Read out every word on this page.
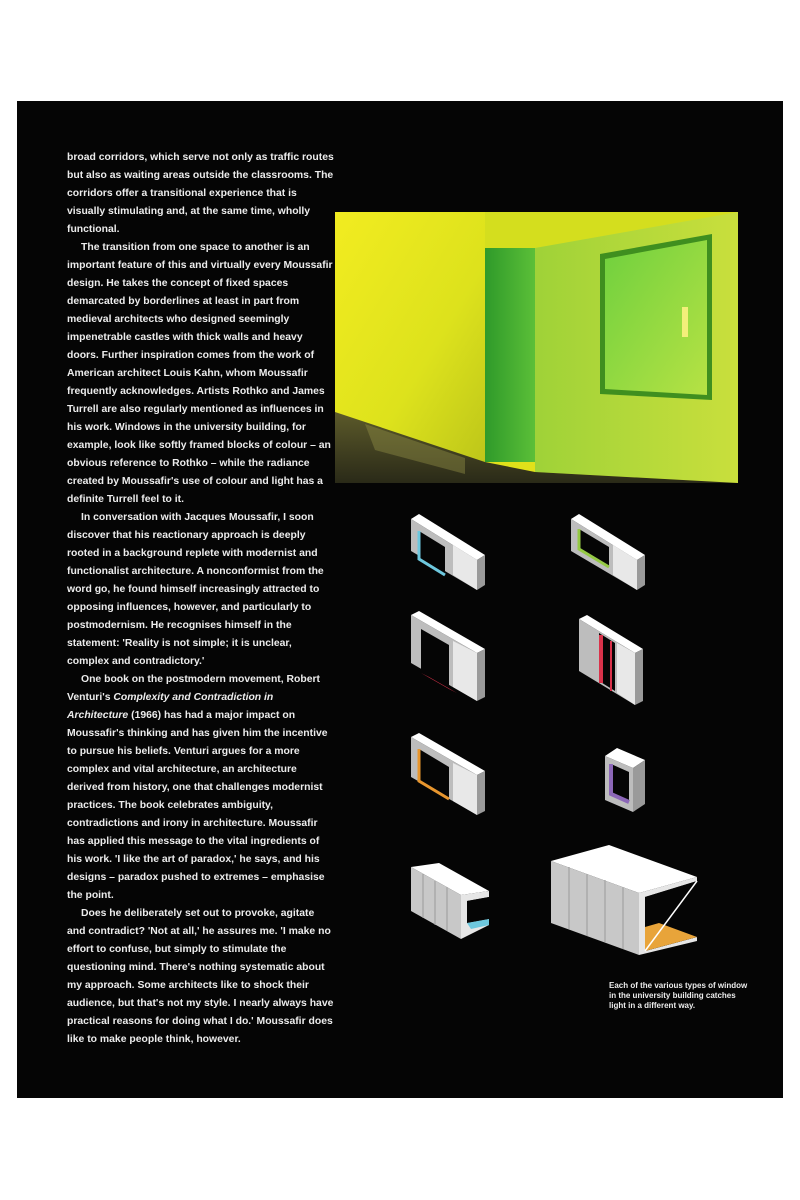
broad corridors, which serve not only as traffic routes but also as waiting areas outside the classrooms. The corridors offer a transitional experience that is visually stimulating and, at the same time, wholly functional.

The transition from one space to another is an important feature of this and virtually every Moussafir design. He takes the concept of fixed spaces demarcated by borderlines at least in part from medieval architects who designed seemingly impenetrable castles with thick walls and heavy doors. Further inspiration comes from the work of American architect Louis Kahn, whom Moussafir frequently acknowledges. Artists Rothko and James Turrell are also regularly mentioned as influences in his work. Windows in the university building, for example, look like softly framed blocks of colour – an obvious reference to Rothko – while the radiance created by Moussafir's use of colour and light has a definite Turrell feel to it.

In conversation with Jacques Moussafir, I soon discover that his reactionary approach is deeply rooted in a background replete with modernist and functionalist architecture. A nonconformist from the word go, he found himself increasingly attracted to opposing influences, however, and particularly to postmodernism. He recognises himself in the statement: 'Reality is not simple; it is unclear, complex and contradictory.'

One book on the postmodern movement, Robert Venturi's Complexity and Contradiction in Architecture (1966) has had a major impact on Moussafir's thinking and has given him the incentive to pursue his beliefs. Venturi argues for a more complex and vital architecture, an architecture derived from history, one that challenges modernist practices. The book celebrates ambiguity, contradictions and irony in architecture. Moussafir has applied this message to the vital ingredients of his work. 'I like the art of paradox,' he says, and his designs – paradox pushed to extremes – emphasise the point.

Does he deliberately set out to provoke, agitate and contradict? 'Not at all,' he assures me. 'I make no effort to confuse, but simply to stimulate the questioning mind. There's nothing systematic about my approach. Some architects like to shock their audience, but that's not my style. I nearly always have practical reasons for doing what I do.' Moussafir does like to make people think, however.

Each of the various types of window in the university building catches light in a different way.
